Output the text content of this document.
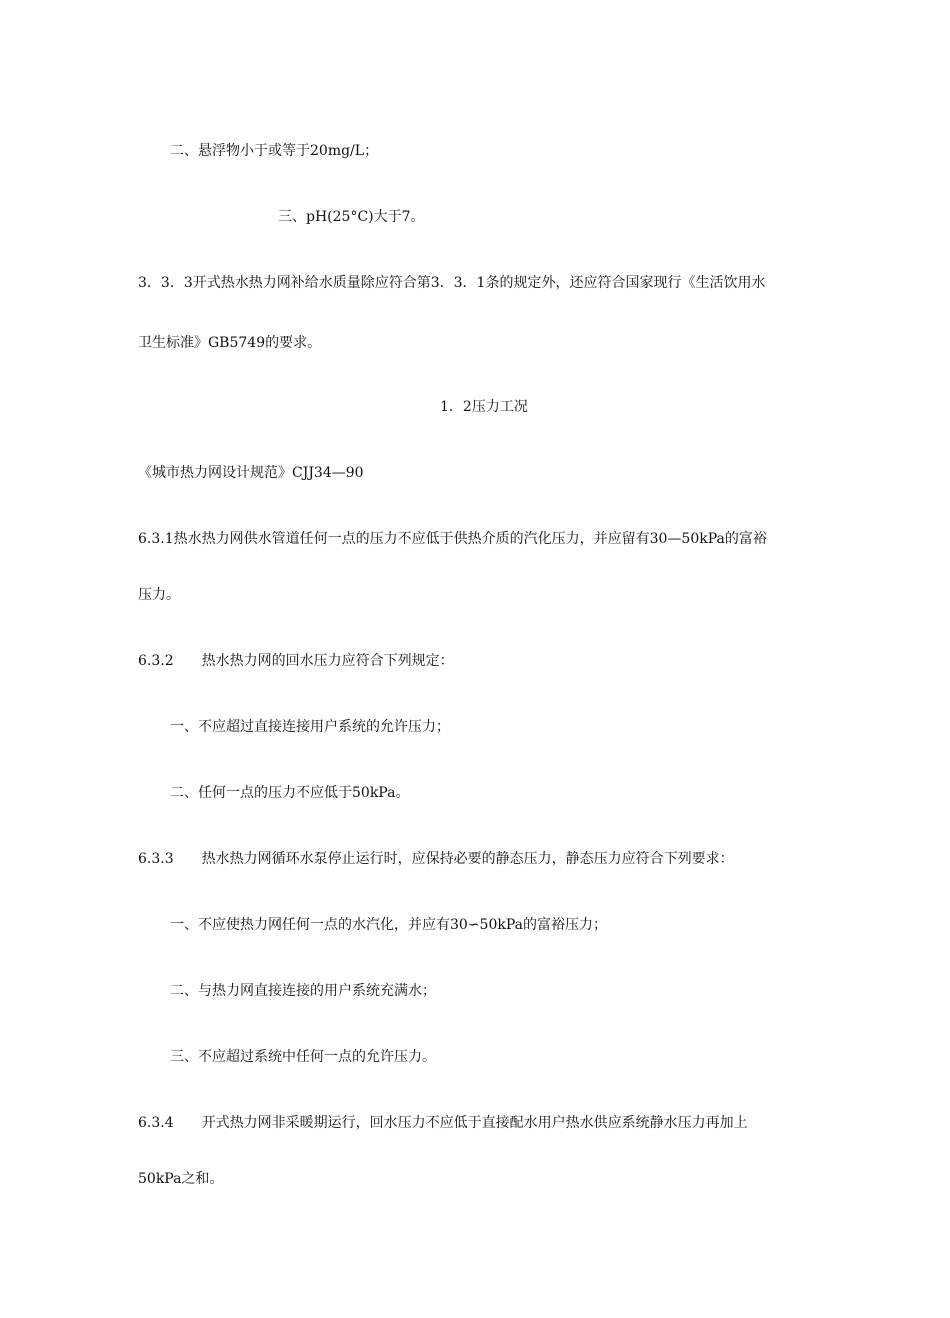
二、悬浮物小于或等于20mg/L；
三、pH(25°C)大于7。
3．3．3开式热水热力网补给水质量除应符合第3．3．1条的规定外，还应符合国家现行《生活饮用水
卫生标准》GB5749的要求。
1．2压力工况
《城市热力网设计规范》CJJ34—90
6.3.1热水热力网供水管道任何一点的压力不应低于供热介质的汽化压力，并应留有30—50kPa的富裕
压力。
6.3.2 热水热力网的回水压力应符合下列规定：
一、不应超过直接连接用户系统的允许压力；
二、任何一点的压力不应低于50kPa。
6.3.3 热水热力网循环水泵停止运行时，应保持必要的静态压力，静态压力应符合下列要求：
一、不应使热力网任何一点的水汽化，并应有30∽50kPa的富裕压力；
二、与热力网直接连接的用户系统充满水；
三、不应超过系统中任何一点的允许压力。
6.3.4 开式热力网非采暖期运行，回水压力不应低于直接配水用户热水供应系统静水压力再加上
50kPa之和。
